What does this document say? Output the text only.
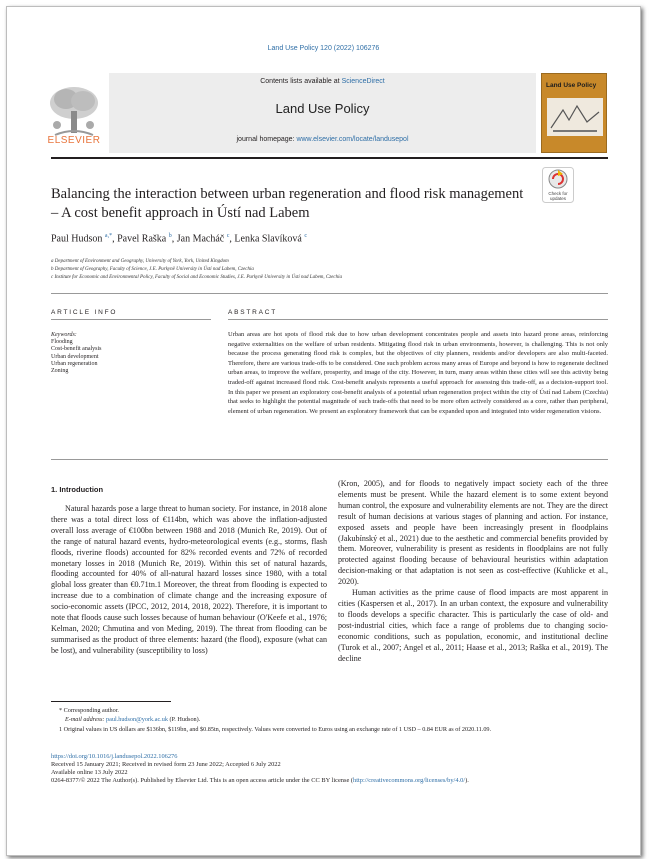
Land Use Policy 120 (2022) 106276
ELSEVIER
Contents lists available at ScienceDirect
Land Use Policy
journal homepage: www.elsevier.com/locate/landusepol
Land Use Policy
Check for updates
Balancing the interaction between urban regeneration and flood risk management – A cost benefit approach in Ústí nad Labem
Paul Hudson $^{a,*}$, Pavel Raška $^b$, Jan Macháč $^c$, Lenka Slavíková $^c$
a Department of Environment and Geography, University of York, York, United Kingdom
b Department of Geography, Faculty of Science, J.E. Purkyně University in Ústí nad Labem, Czechia
c Institute for Economic and Environmental Policy, Faculty of Social and Economic Studies, J.E. Purkyně University in Ústí nad Labem, Czechia
ARTICLE INFO	ABSTRACT
Keywords:
Flooding
Cost-benefit analysis
Urban development
Urban regeneration
Zoning
Urban areas are hot spots of flood risk due to how urban development concentrates people and assets into hazard prone areas, reinforcing negative externalities on the welfare of urban residents. Mitigating flood risk in urban environments, however, is challenging. This is not only because the process generating flood risk is complex, but the objectives of city planners, residents and/or developers are also multi-faceted. Therefore, there are various trade-offs to be considered. One such problem across many areas of Europe and beyond is how to regenerate declined urban areas, to improve the welfare, prosperity, and image of the city. However, in turn, many areas within these cities will see this activity being traded-off against increased flood risk. Cost-benefit analysis represents a useful approach for assessing this trade-off, as a decision-support tool. In this paper we present an exploratory cost-benefit analysis of a potential urban regeneration project within the city of Ústí nad Labem (Czechia) that seeks to highlight the potential magnitude of such trade-offs that need to be more often actively considered as a core, rather than peripheral, element of urban regeneration. We present an exploratory framework that can be expanded upon and integrated into wider regeneration visions.
1. Introduction

Natural hazards pose a large threat to human society. For instance, in 2018 alone there was a total direct loss of €114bn, which was above the inflation-adjusted overall loss average of €100bn between 1988 and 2018 (Munich Re, 2019). Out of the range of natural hazard events, hydro-meteorological events (e.g., storms, flash floods, riverine floods) accounted for 82% recorded events and 72% of recorded monetary losses in 2018 (Munich Re, 2019). Within this set of natural hazards, flooding accounted for 40% of all-natural hazard losses since 1980, with a total global loss greater than €0.71tn.1 Moreover, the threat from flooding is expected to increase due to a combination of climate change and the increasing exposure of socio-economic assets (IPCC, 2012, 2014, 2018, 2022). Therefore, it is important to note that floods cause such losses because of human behaviour (O'Keefe et al., 1976; Kelman, 2020; Chmutina and von Meding, 2019). The threat from flooding can be summarised as the product of three elements: hazard (the flood), exposure (what can be lost), and vulnerability (susceptibility to loss)

(Kron, 2005), and for floods to negatively impact society each of the three elements must be present. While the hazard element is to some extent beyond human control, the exposure and vulnerability elements are not. They are the direct result of human decisions at various stages of planning and action. For instance, exposed assets and people have been increasingly present in floodplains (Jakubínský et al., 2021) due to the aesthetic and commercial benefits provided by them. Moreover, vulnerability is present as residents in floodplains are not fully protected against flooding because of behavioural heuristics within adaptation decision-making or that adaptation is not seen as cost-effective (Kuhlicke et al., 2020).

Human activities as the prime cause of flood impacts are most apparent in cities (Kaspersen et al., 2017). In an urban context, the exposure and vulnerability to floods develops a specific character. This is particularly the case of old- and post-industrial cities, which face a range of problems due to changing socio-economic conditions, such as population, economic, and institutional decline (Turok et al., 2007; Angel et al., 2011; Haase et al., 2013; Raška et al., 2019). The decline

* Corresponding author.
E-mail address: paul.hudson@york.ac.uk (P. Hudson).
1 Original values in US dollars are $136bn, $119bn, and $0.85tn, respectively. Values were converted to Euros using an exchange rate of 1 USD – 0.84 EUR as of 2020.11.09.
https://doi.org/10.1016/j.landusepol.2022.106276
Received 15 January 2021; Received in revised form 23 June 2022; Accepted 6 July 2022
Available online 13 July 2022
0264-8377/© 2022 The Author(s). Published by Elsevier Ltd. This is an open access article under the CC BY license (http://creativecommons.org/licenses/by/4.0/).
